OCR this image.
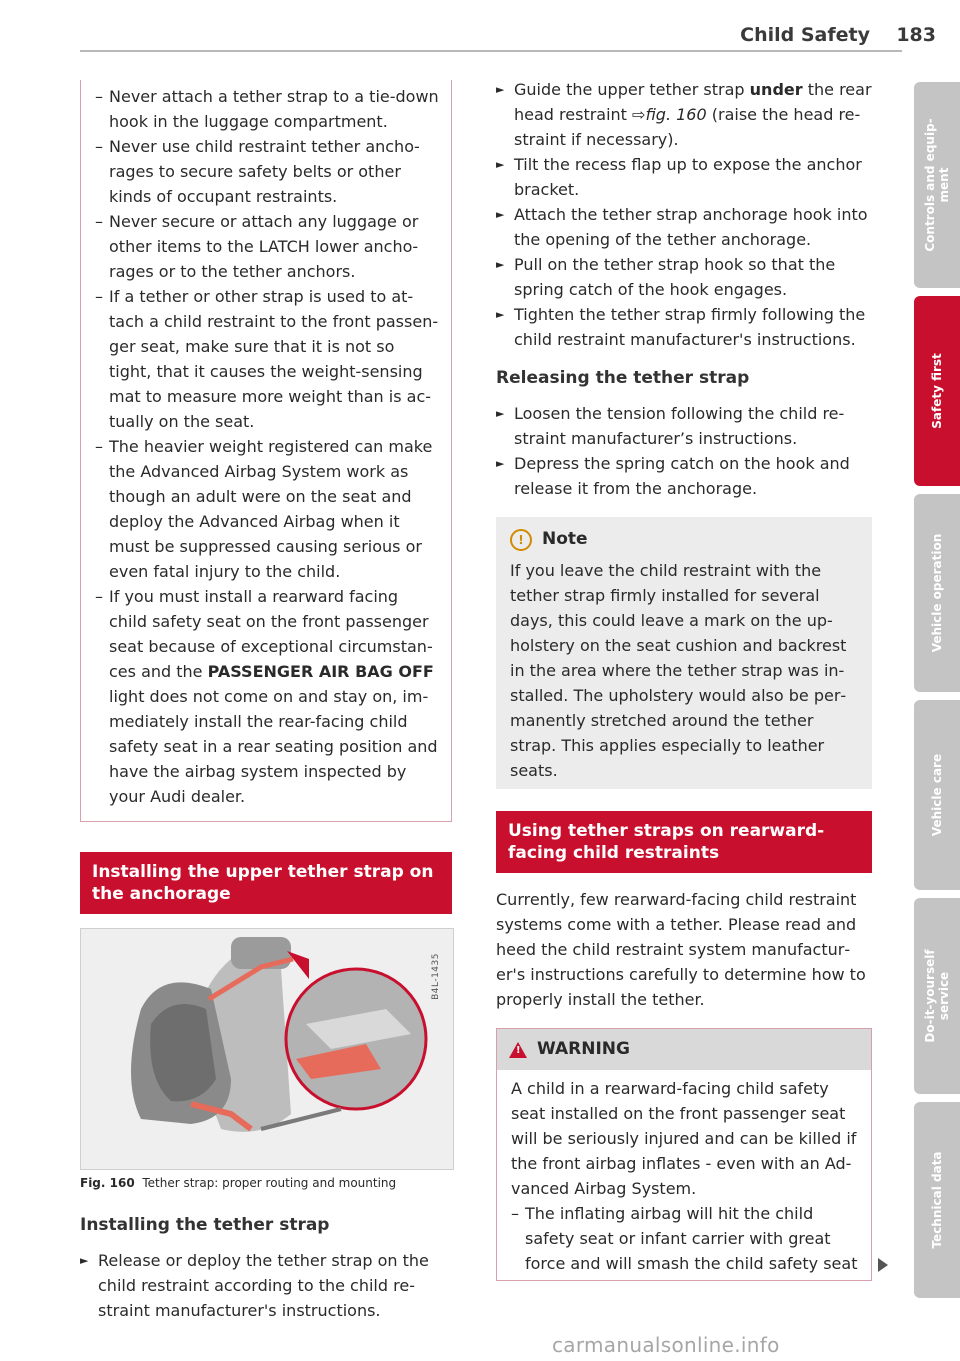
Child Safety 183
– Never attach a tether strap to a tie-down hook in the luggage compartment.
– Never use child restraint tether anchorages to secure safety belts or other kinds of occupant restraints.
– Never secure or attach any luggage or other items to the LATCH lower anchorages or to the tether anchors.
– If a tether or other strap is used to attach a child restraint to the front passenger seat, make sure that it is not so tight, that it causes the weight-sensing mat to measure more weight than is actually on the seat.
– The heavier weight registered can make the Advanced Airbag System work as though an adult were on the seat and deploy the Advanced Airbag when it must be suppressed causing serious or even fatal injury to the child.
– If you must install a rearward facing child safety seat on the front passenger seat because of exceptional circumstances and the PASSENGER AIR BAG OFF light does not come on and stay on, immediately install the rear-facing child safety seat in a rear seating position and have the airbag system inspected by your Audi dealer.
Installing the upper tether strap on the anchorage
B4L-1435
Fig. 160 Tether strap: proper routing and mounting

Installing the tether strap

► Release or deploy the tether strap on the child restraint according to the child restraint manufacturer's instructions.
► Guide the upper tether strap under the rear head restraint ⇨fig. 160 (raise the head restraint if necessary).
► Tilt the recess flap up to expose the anchor bracket.
► Attach the tether strap anchorage hook into the opening of the tether anchorage.
► Pull on the tether strap hook so that the spring catch of the hook engages.
► Tighten the tether strap firmly following the child restraint manufacturer's instructions.

Releasing the tether strap

► Loosen the tension following the child restraint manufacturer’s instructions.
► Depress the spring catch on the hook and release it from the anchorage.
!	Note
If you leave the child restraint with the tether strap firmly installed for several days, this could leave a mark on the upholstery on the seat cushion and backrest in the area where the tether strap was installed. The upholstery would also be permanently stretched around the tether strap. This applies especially to leather seats.
Using tether straps on rearward-facing child restraints

Currently, few rearward-facing child restraint systems come with a tether. Please read and heed the child restraint system manufacturer's instructions carefully to determine how to properly install the tether.

! WARNING
A child in a rearward-facing child safety seat installed on the front passenger seat will be seriously injured and can be killed if the front airbag inflates - even with an Advanced Airbag System.
– The inflating airbag will hit the child safety seat or infant carrier with great force and will smash the child safety seat
Controls and equip-
ment
Safety first
Vehicle operation
Vehicle care
Do-it-yourself
service
Technical data
carmanualsonline.info
